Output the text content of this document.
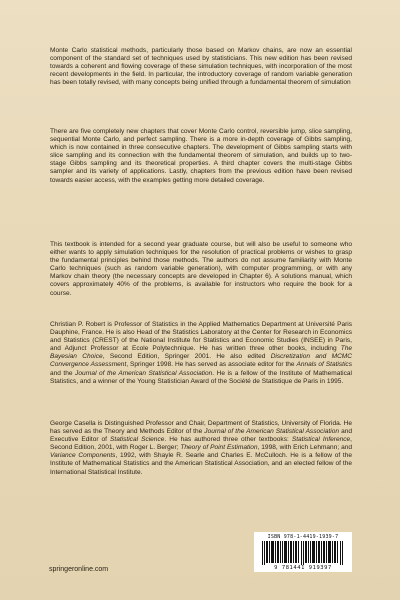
Monte Carlo statistical methods, particularly those based on Markov chains, are now an essential component of the standard set of techniques used by statisticians. This new edition has been revised towards a coherent and flowing coverage of these simulation techniques, with incorporation of the most recent developments in the field. In particular, the introductory coverage of random variable generation has been totally revised, with many concepts being unified through a fundamental theorem of simulation

There are five completely new chapters that cover Monte Carlo control, reversible jump, slice sampling, sequential Monte Carlo, and perfect sampling. There is a more in-depth coverage of Gibbs sampling, which is now contained in three consecutive chapters. The development of Gibbs sampling starts with slice sampling and its connection with the fundamental theorem of simulation, and builds up to two-stage Gibbs sampling and its theoretical properties. A third chapter covers the multi-stage Gibbs sampler and its variety of applications. Lastly, chapters from the previous edition have been revised towards easier access, with the examples getting more detailed coverage.

This textbook is intended for a second year graduate course, but will also be useful to someone who either wants to apply simulation techniques for the resolution of practical problems or wishes to grasp the fundamental principles behind those methods. The authors do not assume familiarity with Monte Carlo techniques (such as random variable generation), with computer programming, or with any Markov chain theory (the necessary concepts are developed in Chapter 6). A solutions manual, which covers approximately 40% of the problems, is available for instructors who require the book for a course.

Christian P. Robert is Professor of Statistics in the Applied Mathematics Department at Université Paris Dauphine, France. He is also Head of the Statistics Laboratory at the Center for Research in Economics and Statistics (CREST) of the National Institute for Statistics and Economic Studies (INSEE) in Paris, and Adjunct Professor at Ecole Polytechnique. He has written three other books, including The Bayesian Choice, Second Edition, Springer 2001. He also edited Discretization and MCMC Convergence Assessment, Springer 1998. He has served as associate editor for the Annals of Statistics and the Journal of the American Statistical Association. He is a fellow of the Institute of Mathematical Statistics, and a winner of the Young Statistician Award of the Société de Statistique de Paris in 1995.

George Casella is Distinguished Professor and Chair, Department of Statistics, University of Florida. He has served as the Theory and Methods Editor of the Journal of the American Statistical Association and Executive Editor of Statistical Science. He has authored three other textbooks: Statistical Inference, Second Edition, 2001, with Roger L. Berger; Theory of Point Estimation, 1998, with Erich Lehmann; and Variance Components, 1992, with Shayle R. Searle and Charles E. McCulloch. He is a fellow of the Institute of Mathematical Statistics and the American Statistical Association, and an elected fellow of the International Statistical Institute.

ISBN 978-1-4419-1939-7
9 781441 919397
springeronline.com
